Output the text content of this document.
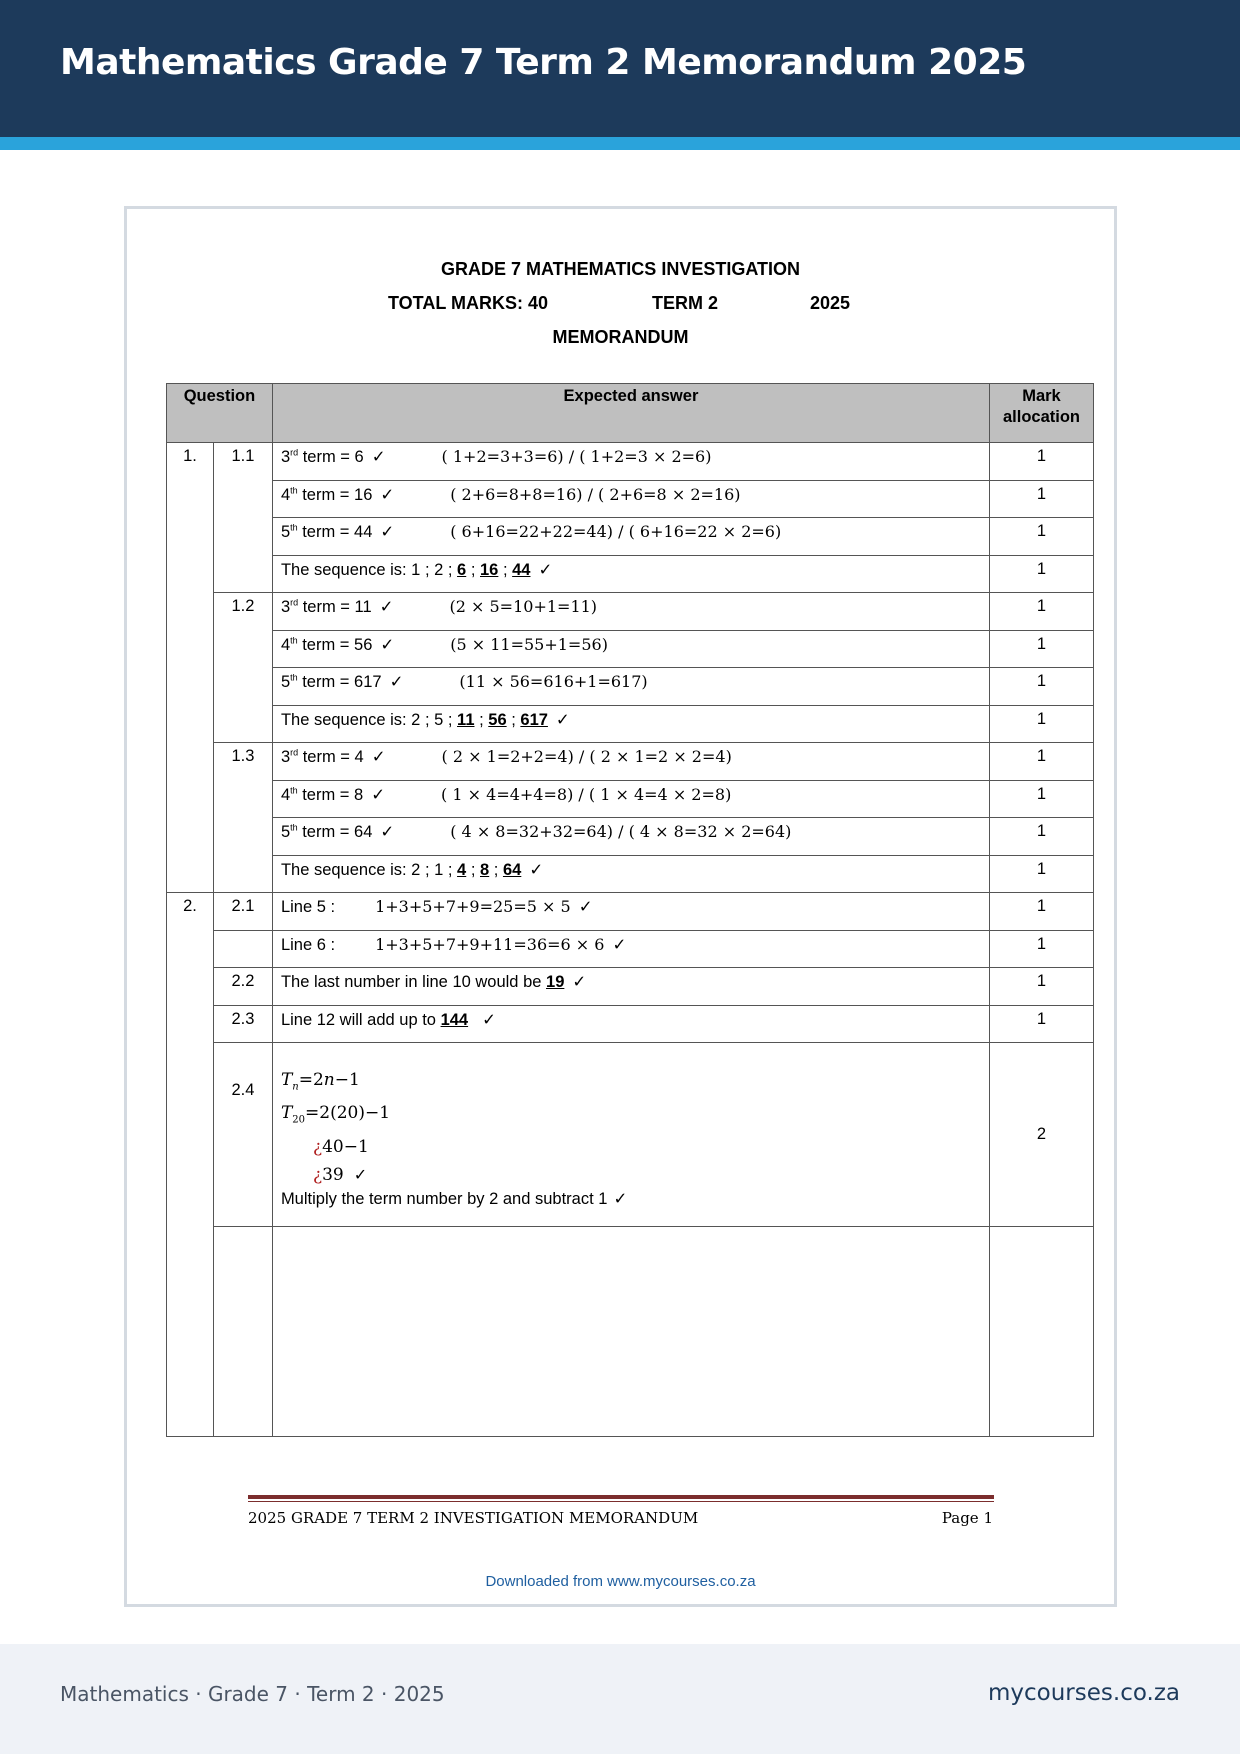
Mathematics Grade 7 Term 2 Memorandum 2025
GRADE 7 MATHEMATICS INVESTIGATION
TOTAL MARKS: 40	TERM 2	2025
MEMORANDUM
Question		Expected answer	Mark allocation
1.	1.1	3rd term = 6 ✓ ( 1+2=3+3=6) / ( 1+2=3 × 2=6)	1
		4th term = 16 ✓ ( 2+6=8+8=16) / ( 2+6=8 × 2=16)	1
		5th term = 44 ✓ ( 6+16=22+22=44) / ( 6+16=22 × 2=6)	1
		The sequence is: 1 ; 2 ; 6 ; 16 ; 44 ✓	1
	1.2	3rd term = 11 ✓ (2 × 5=10+1=11)	1
		4th term = 56 ✓ (5 × 11=55+1=56)	1
		5th term = 617 ✓ (11 × 56=616+1=617)	1
		The sequence is: 2 ; 5 ; 11 ; 56 ; 617 ✓	1
	1.3	3rd term = 4 ✓ ( 2 × 1=2+2=4) / ( 2 × 1=2 × 2=4)	1
		4th term = 8 ✓ ( 1 × 4=4+4=8) / ( 1 × 4=4 × 2=8)	1
		5th term = 64 ✓ ( 4 × 8=32+32=64) / ( 4 × 8=32 × 2=64)	1
		The sequence is: 2 ; 1 ; 4 ; 8 ; 64 ✓	1
2.	2.1	Line 5 : 1+3+5+7+9=25=5 × 5 ✓	1
		Line 6 : 1+3+5+7+9+11=36=6 × 6 ✓	1
	2.2	The last number in line 10 would be 19 ✓	1
	2.3	Line 12 will add up to 144 ✓	1
	2.4	$T_n=2n-1$
$T_{20}=2(20)-1$
¿40−1
¿39 ✓
Multiply the term number by 2 and subtract 1 ✓	2

2025 GRADE 7 TERM 2 INVESTIGATION MEMORANDUM	Page 1
Downloaded from www.mycourses.co.za
Mathematics · Grade 7 · Term 2 · 2025	mycourses.co.za
